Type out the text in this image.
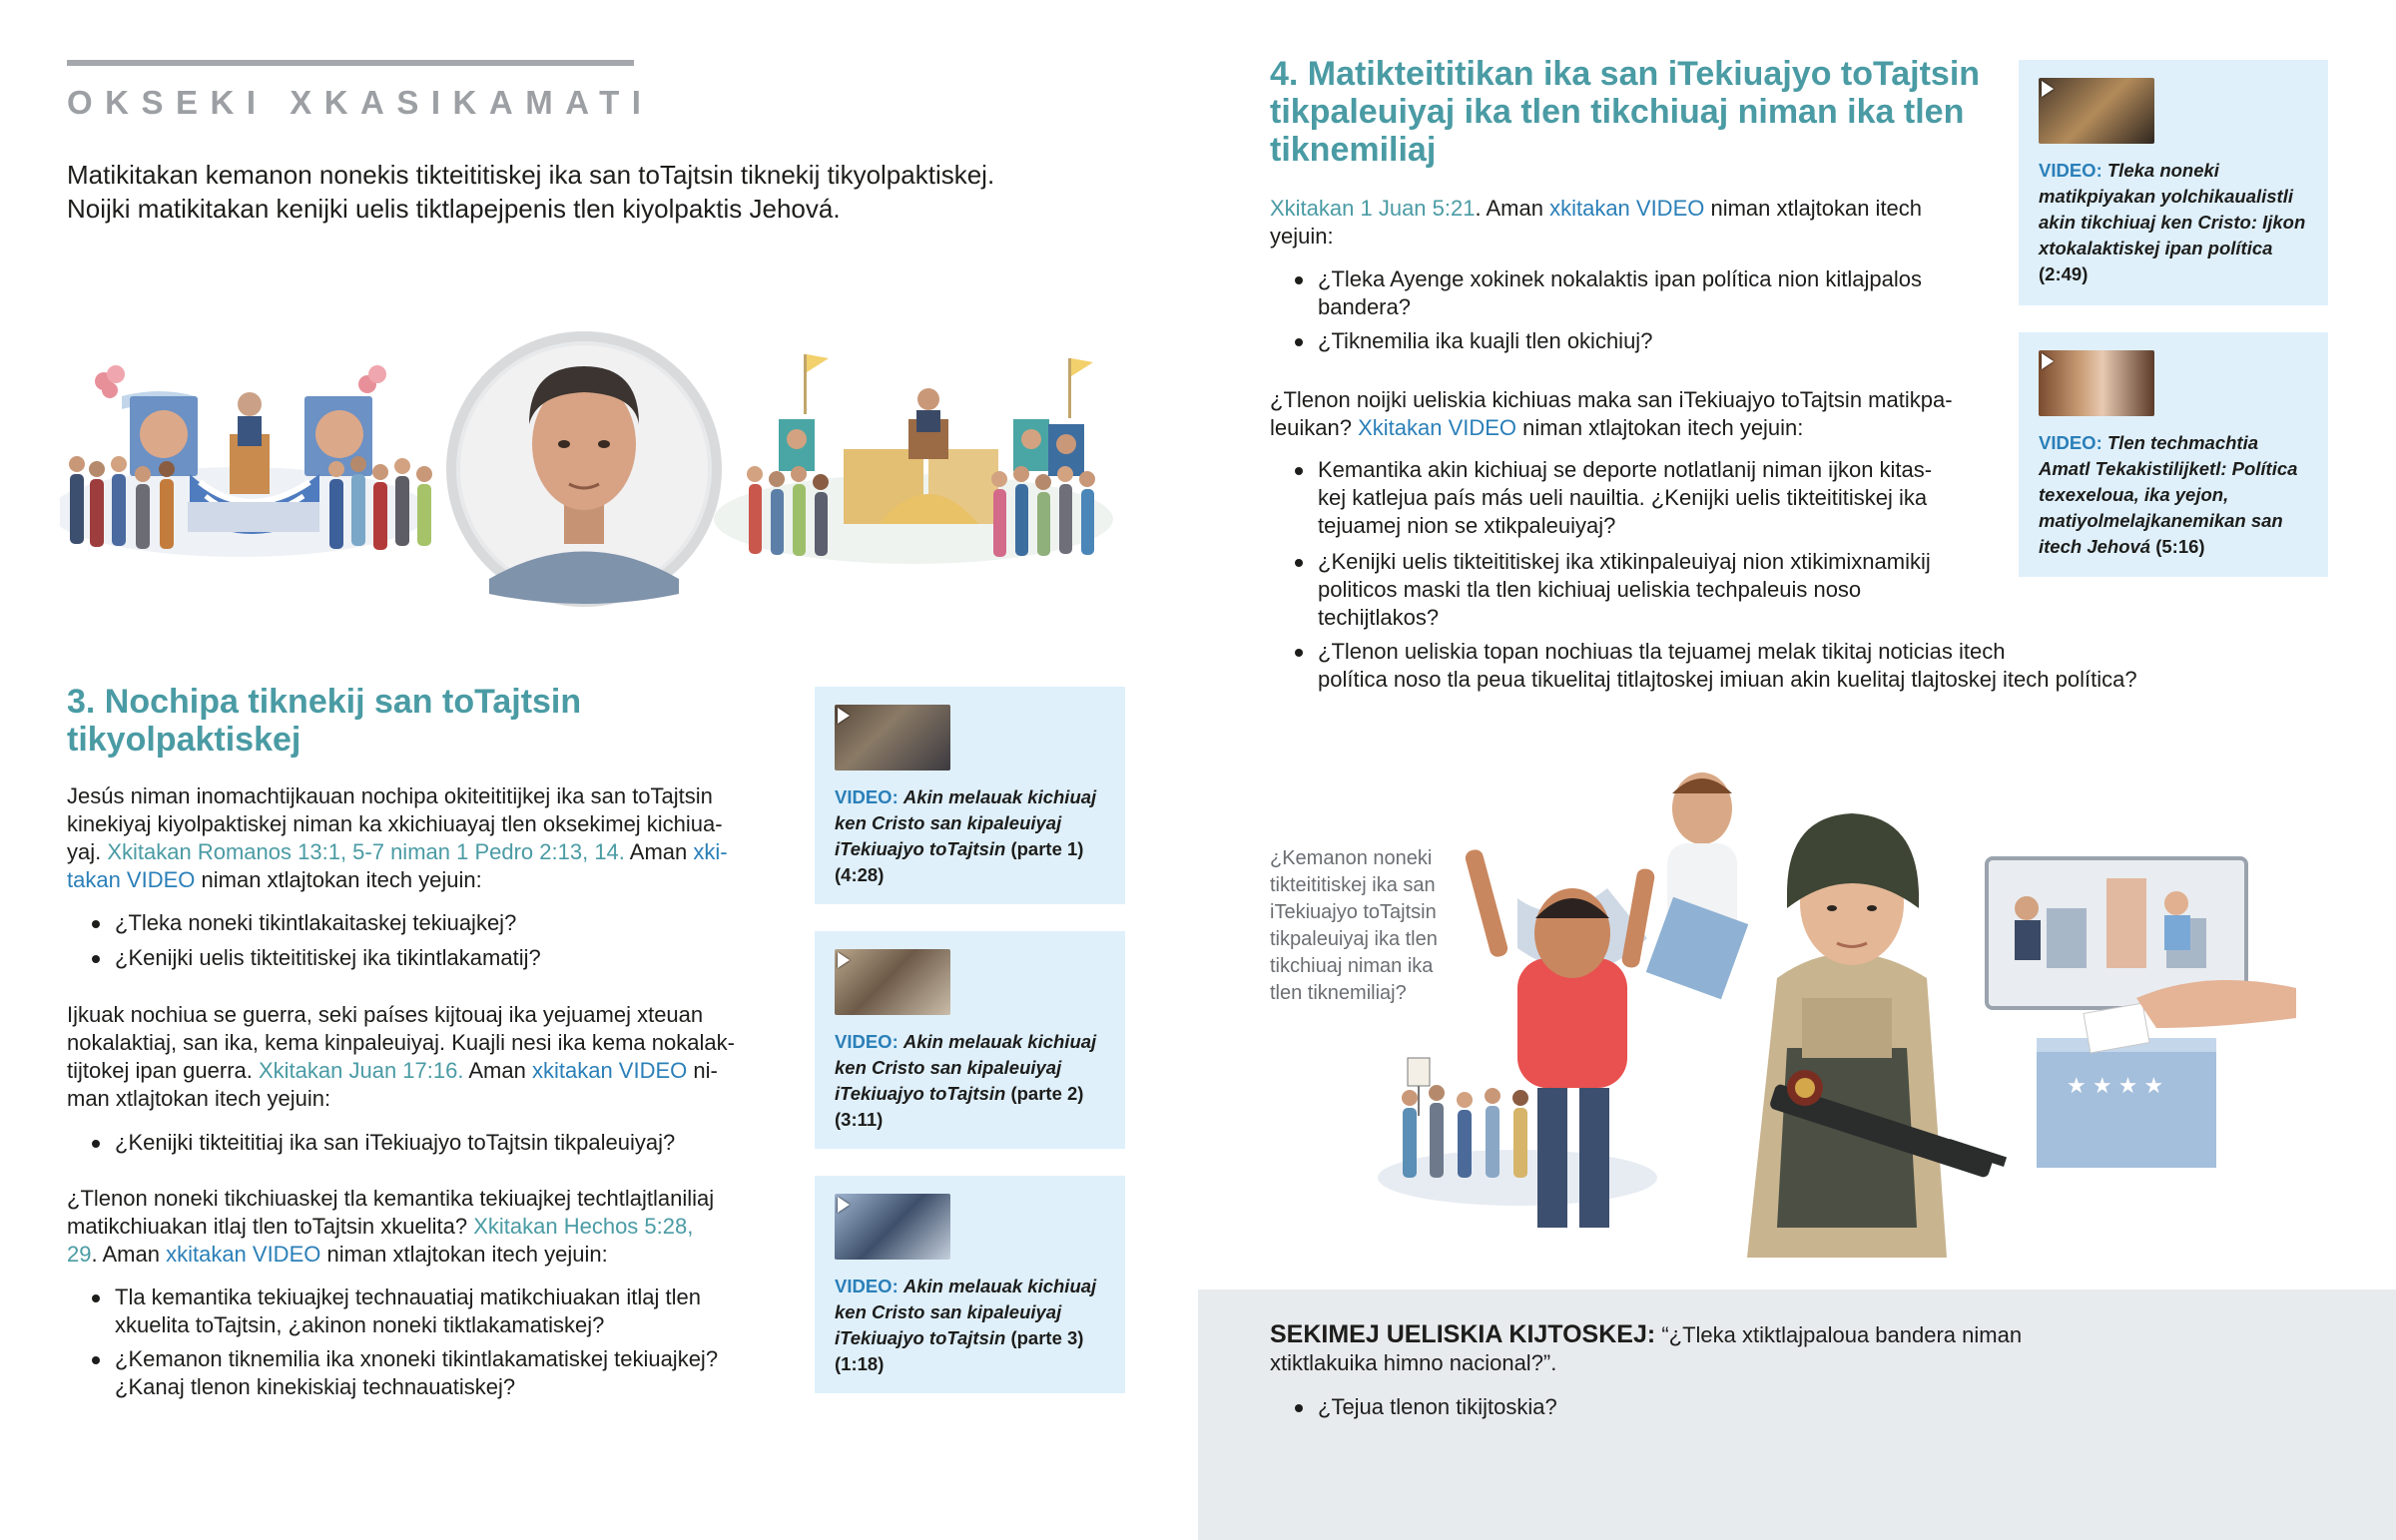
OKSEKI XKASIKAMATI
Matikitakan kemanon nonekis tikteititiskej ika san toTajtsin tiknekij tikyolpaktiskej.
Noijki matikitakan kenijki uelis tiktlapejpenis tlen kiyolpaktis Jehová.
3. Nochipa tiknekij san toTajtsin
tikyolpaktiskej
Jesús niman inomachtijkauan nochipa okiteititijkej ika san toTajtsin
kinekiyaj kiyolpaktiskej niman ka xkichiuayaj tlen oksekimej kichiua-
yaj. Xkitakan Romanos 13:1, 5-7 niman 1 Pedro 2:13, 14. Aman xki-
takan VIDEO niman xtlajtokan itech yejuin:
¿Tleka noneki tikintlakaitaskej tekiuajkej?
¿Kenijki uelis tikteititiskej ika tikintlakamatij?
Ijkuak nochiua se guerra, seki países kijtouaj ika yejuamej xteuan
nokalaktiaj, san ika, kema kinpaleuiyaj. Kuajli nesi ika kema nokalak-
tijtokej ipan guerra. Xkitakan Juan 17:16. Aman xkitakan VIDEO ni-
man xtlajtokan itech yejuin:
¿Kenijki tikteititiaj ika san iTekiuajyo toTajtsin tikpaleuiyaj?
¿Tlenon noneki tikchiuaskej tla kemantika tekiuajkej techtlajtlaniliaj
matikchiuakan itlaj tlen toTajtsin xkuelita? Xkitakan Hechos 5:28,
29. Aman xkitakan VIDEO niman xtlajtokan itech yejuin:
Tla kemantika tekiuajkej technauatiaj matikchiuakan itlaj tlen
xkuelita toTajtsin, ¿akinon noneki tiktlakamatiskej?
¿Kemanon tiknemilia ika xnoneki tikintlakamatiskej tekiuajkej?
¿Kanaj tlenon kinekiskiaj technauatiskej?
VIDEO: Akin melauak kichiuaj
ken Cristo san kipaleuiyaj
iTekiuajyo toTajtsin (parte 1)
(4:28)
VIDEO: Akin melauak kichiuaj
ken Cristo san kipaleuiyaj
iTekiuajyo toTajtsin (parte 2)
(3:11)
VIDEO: Akin melauak kichiuaj
ken Cristo san kipaleuiyaj
iTekiuajyo toTajtsin (parte 3)
(1:18)
4. Matikteititikan ika san iTekiuajyo toTajtsin
tikpaleuiyaj ika tlen tikchiuaj niman ika tlen
tiknemiliaj
Xkitakan 1 Juan 5:21. Aman xkitakan VIDEO niman xtlajtokan itech
yejuin:
¿Tleka Ayenge xokinek nokalaktis ipan política nion kitlajpalos
bandera?
¿Tiknemilia ika kuajli tlen okichiuj?
¿Tlenon noijki ueliskia kichiuas maka san iTekiuajyo toTajtsin matikpa-
leuikan? Xkitakan VIDEO niman xtlajtokan itech yejuin:
Kemantika akin kichiuaj se deporte notlatlanij niman ijkon kitas-
kej katlejua país más ueli nauiltia. ¿Kenijki uelis tikteititiskej ika
tejuamej nion se xtikpaleuiyaj?
¿Kenijki uelis tikteititiskej ika xtikinpaleuiyaj nion xtikimixnamikij
politicos maski tla tlen kichiuaj ueliskia techpaleuis noso
techijtlakos?
¿Tlenon ueliskia topan nochiuas tla tejuamej melak tikitaj noticias itech
política noso tla peua tikuelitaj titlajtoskej imiuan akin kuelitaj tlajtoskej itech política?
VIDEO: Tleka noneki
matikpiyakan yolchikaualistli
akin tikchiuaj ken Cristo: Ijkon
xtokalaktiskej ipan política
(2:49)
VIDEO: Tlen techmachtia
Amatl Tekakistilijketl: Política
texexeloua, ika yejon,
matiyolmelajkanemikan san
itech Jehová (5:16)
¿Kemanon noneki
tikteititiskej ika san
iTekiuajyo toTajtsin
tikpaleuiyaj ika tlen
tikchiuaj niman ika
tlen tiknemiliaj?
★ ★ ★ ★
SEKIMEJ UELISKIA KIJTOSKEJ: “¿Tleka xtiktlajpaloua bandera niman
xtiktlakuika himno nacional?”.
¿Tejua tlenon tikijtoskia?
